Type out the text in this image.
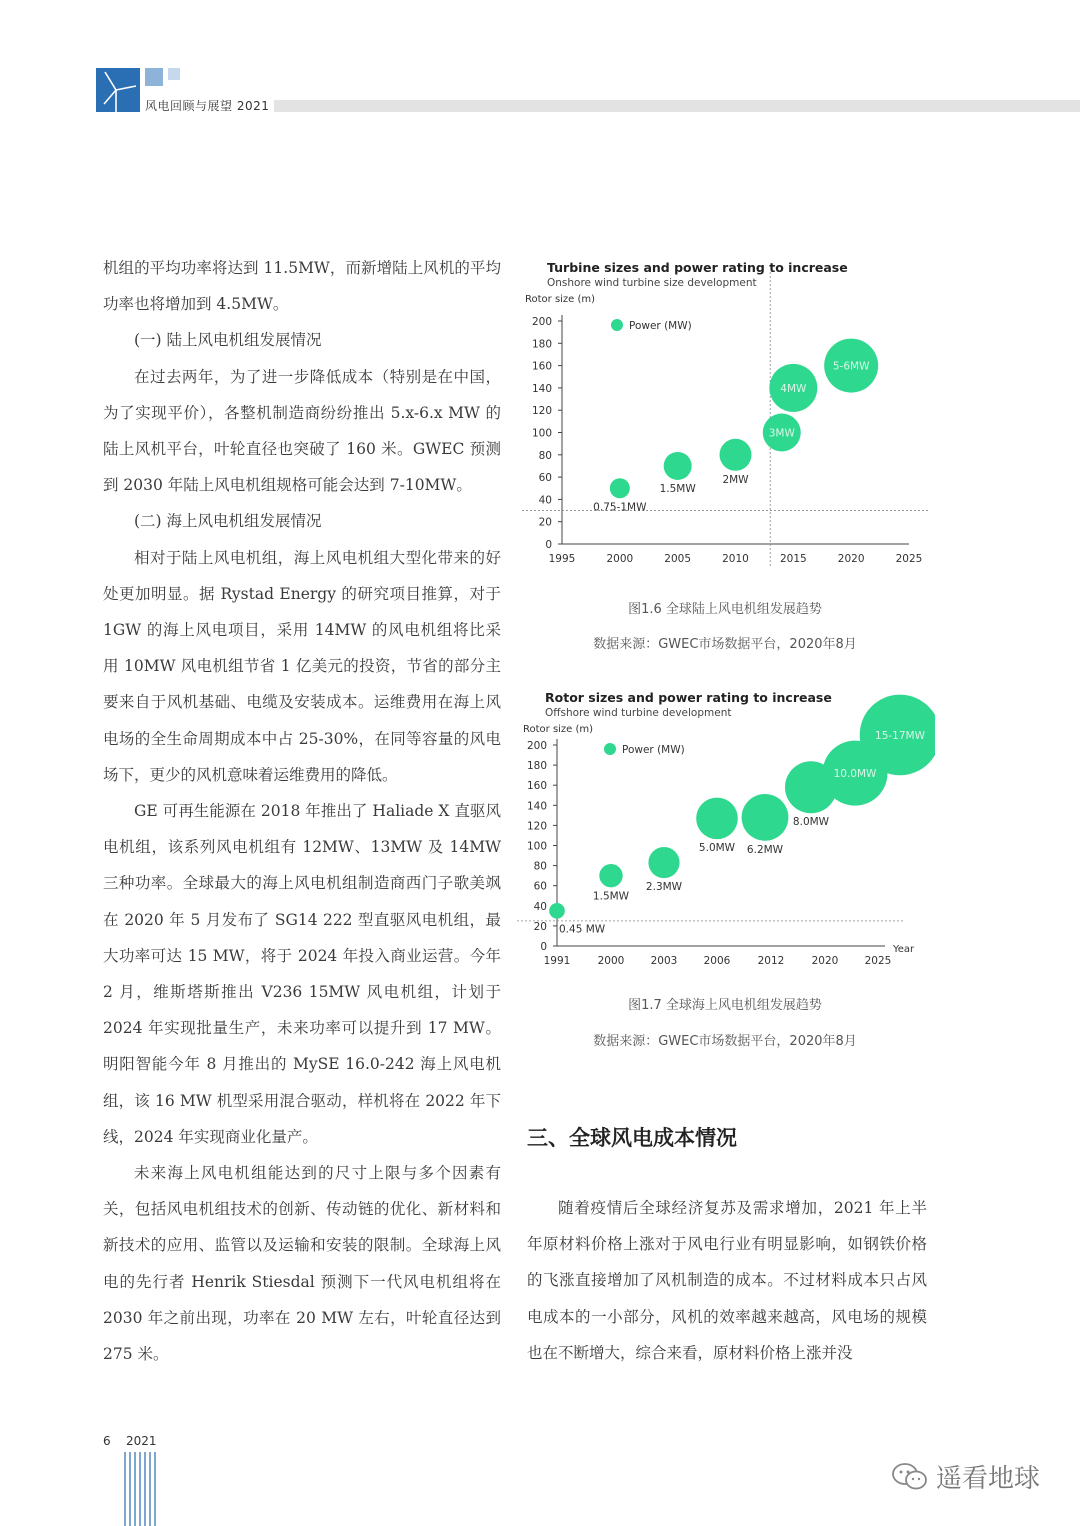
风电回顾与展望 2021

机组的平均功率将达到 11.5MW，而新增陆上风机的平均功率也将增加到 4.5MW。

(一) 陆上风电机组发展情况

在过去两年，为了进一步降低成本（特别是在中国，为了实现平价），各整机制造商纷纷推出 5.x-6.x MW 的陆上风机平台，叶轮直径也突破了 160 米。GWEC 预测到 2030 年陆上风电机组规格可能会达到 7-10MW。

(二) 海上风电机组发展情况

相对于陆上风电机组，海上风电机组大型化带来的好处更加明显。据 Rystad Energy 的研究项目推算，对于 1GW 的海上风电项目，采用 14MW 的风电机组将比采用 10MW 风电机组节省 1 亿美元的投资，节省的部分主要来自于风机基础、电缆及安装成本。运维费用在海上风电场的全生命周期成本中占 25-30%，在同等容量的风电场下，更少的风机意味着运维费用的降低。

GE 可再生能源在 2018 年推出了 Haliade X 直驱风电机组，该系列风电机组有 12MW、13MW 及 14MW 三种功率。全球最大的海上风电机组制造商西门子歌美飒在 2020 年 5 月发布了 SG14 222 型直驱风电机组，最大功率可达 15 MW，将于 2024 年投入商业运营。今年 2 月，维斯塔斯推出 V236 15MW 风电机组，计划于 2024 年实现批量生产，未来功率可以提升到 17 MW。明阳智能今年 8 月推出的 MySE 16.0-242 海上风电机组，该 16 MW 机型采用混合驱动，样机将在 2022 年下线，2024 年实现商业化量产。

未来海上风电机组能达到的尺寸上限与多个因素有关，包括风电机组技术的创新、传动链的优化、新材料和新技术的应用、监管以及运输和安装的限制。全球海上风电的先行者 Henrik Stiesdal 预测下一代风电机组将在 2030 年之前出现，功率在 20 MW 左右，叶轮直径达到 275 米。

Turbine sizes and power rating to increase
Onshore wind turbine size development
Rotor size (m)
0
20
40
60
80
100
120
140
160
180
200
1995	2000	2005	2010	2015	2020	2025
Power (MW)
0.75-1MW
1.5MW
2MW
3MW
4MW
5-6MW
图1.6 全球陆上风电机组发展趋势
数据来源：GWEC市场数据平台，2020年8月
Rotor sizes and power rating to increase
Offshore wind turbine development
Rotor size (m)
0
20
40
60
80
100
120
140
160
180
200
1991	2000	2003	2006	2012	2020	2025
Year
Power (MW)
0.45 MW
1.5MW
2.3MW
5.0MW 6.2MW
8.0MW
10.0MW
15-17MW
图1.7 全球海上风电机组发展趋势
数据来源：GWEC市场数据平台，2020年8月
三、全球风电成本情况

随着疫情后全球经济复苏及需求增加，2021 年上半年原材料价格上涨对于风电行业有明显影响，如钢铁价格的飞涨直接增加了风机制造的成本。不过材料成本只占风电成本的一小部分，风机的效率越来越高，风电场的规模也在不断增大，综合来看，原材料价格上涨并没

6 2021
遥看地球
